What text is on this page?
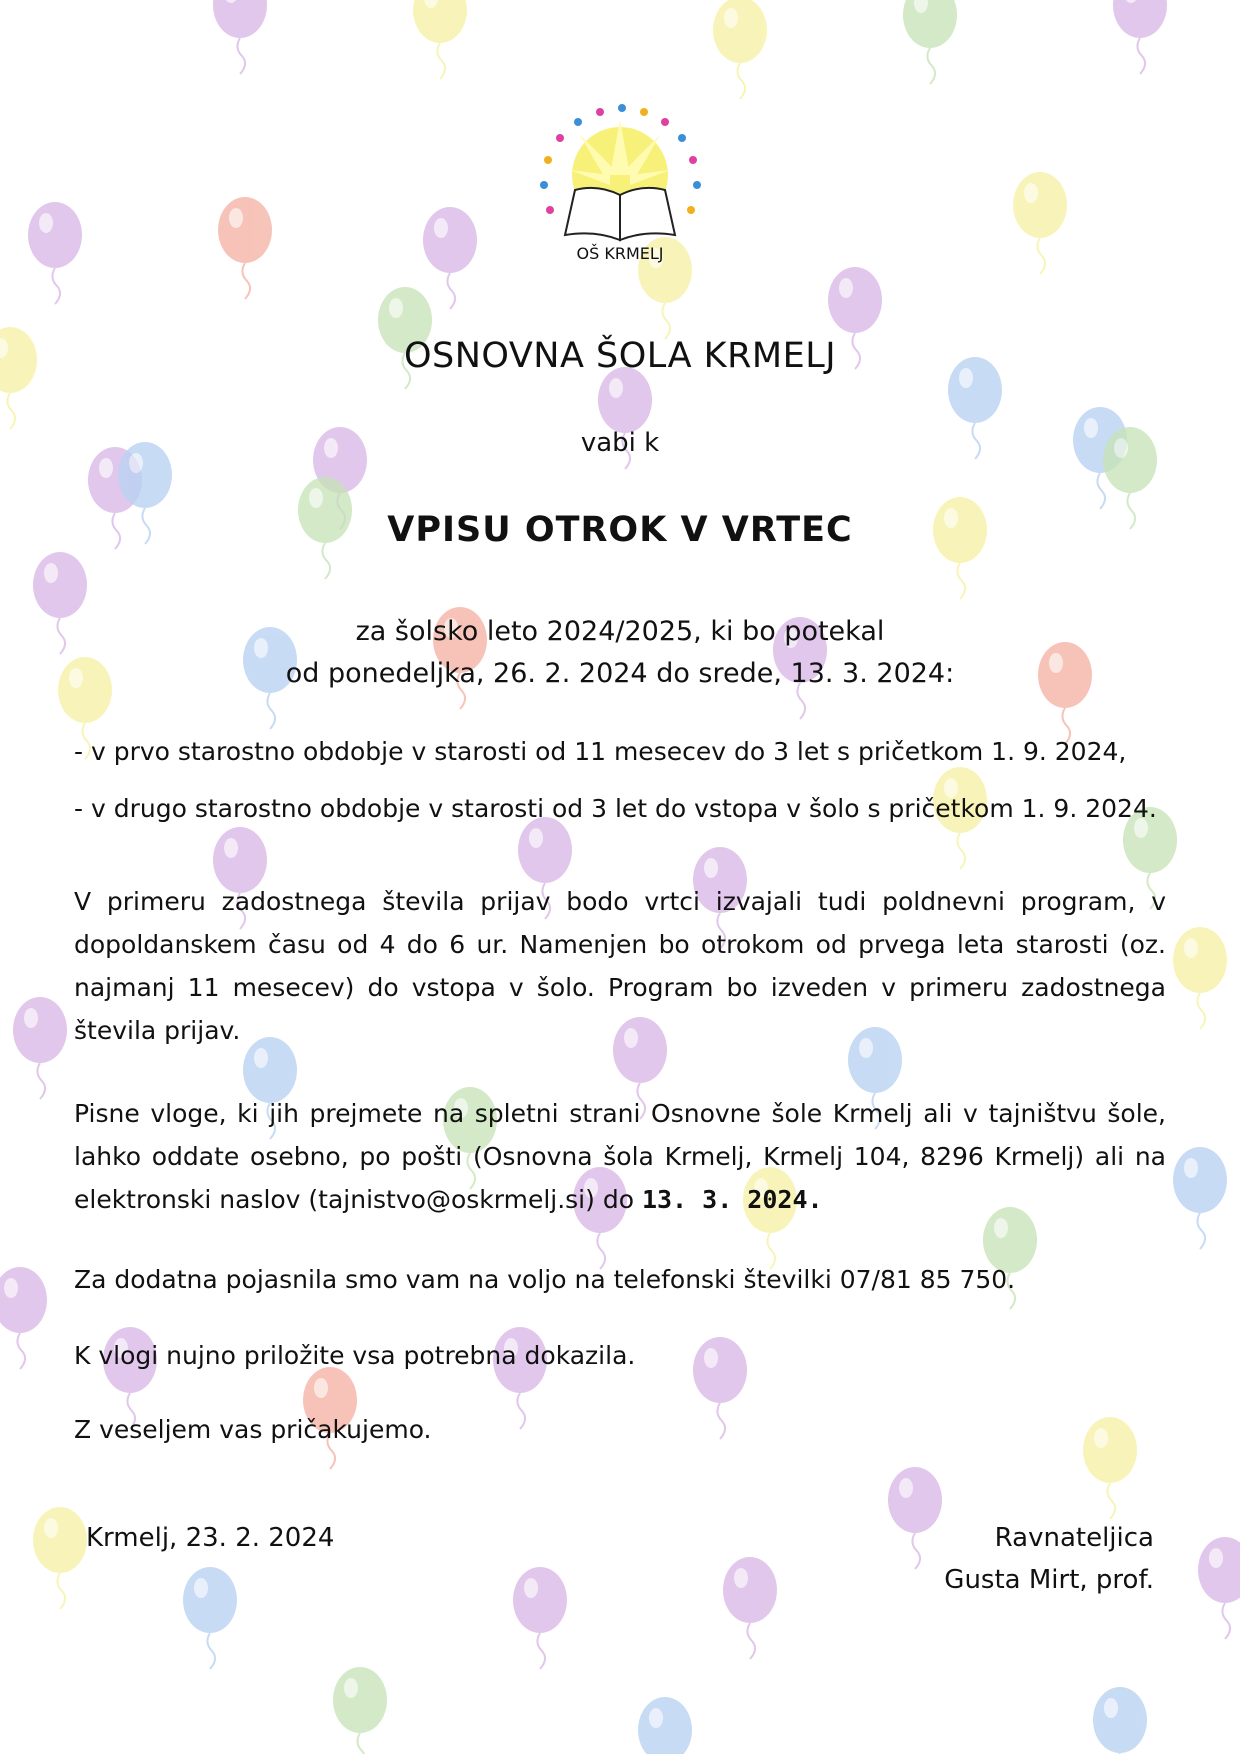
OŠ KRMELJ
OSNOVNA ŠOLA KRMELJ
vabi k
VPISU OTROK V VRTEC
za šolsko leto 2024/2025, ki bo potekal
od ponedeljka, 26. 2. 2024 do srede, 13. 3. 2024:
- v prvo starostno obdobje v starosti od 11 mesecev do 3 let s pričetkom 1. 9. 2024,
- v drugo starostno obdobje v starosti od 3 let do vstopa v šolo s pričetkom 1. 9. 2024.
V primeru zadostnega števila prijav bodo vrtci izvajali tudi poldnevni program, v dopoldanskem času od 4 do 6 ur. Namenjen bo otrokom od prvega leta starosti (oz. najmanj 11 mesecev) do vstopa v šolo. Program bo izveden v primeru zadostnega števila prijav.
Pisne vloge, ki jih prejmete na spletni strani Osnovne šole Krmelj ali v tajništvu šole, lahko oddate osebno, po pošti (Osnovna šola Krmelj, Krmelj 104, 8296 Krmelj) ali na elektronski naslov (tajnistvo@oskrmelj.si) do 13. 3. 2024.
Za dodatna pojasnila smo vam na voljo na telefonski številki 07/81 85 750.
K vlogi nujno priložite vsa potrebna dokazila.
Z veseljem vas pričakujemo.
Krmelj, 23. 2. 2024	Ravnateljica
Gusta Mirt, prof.
